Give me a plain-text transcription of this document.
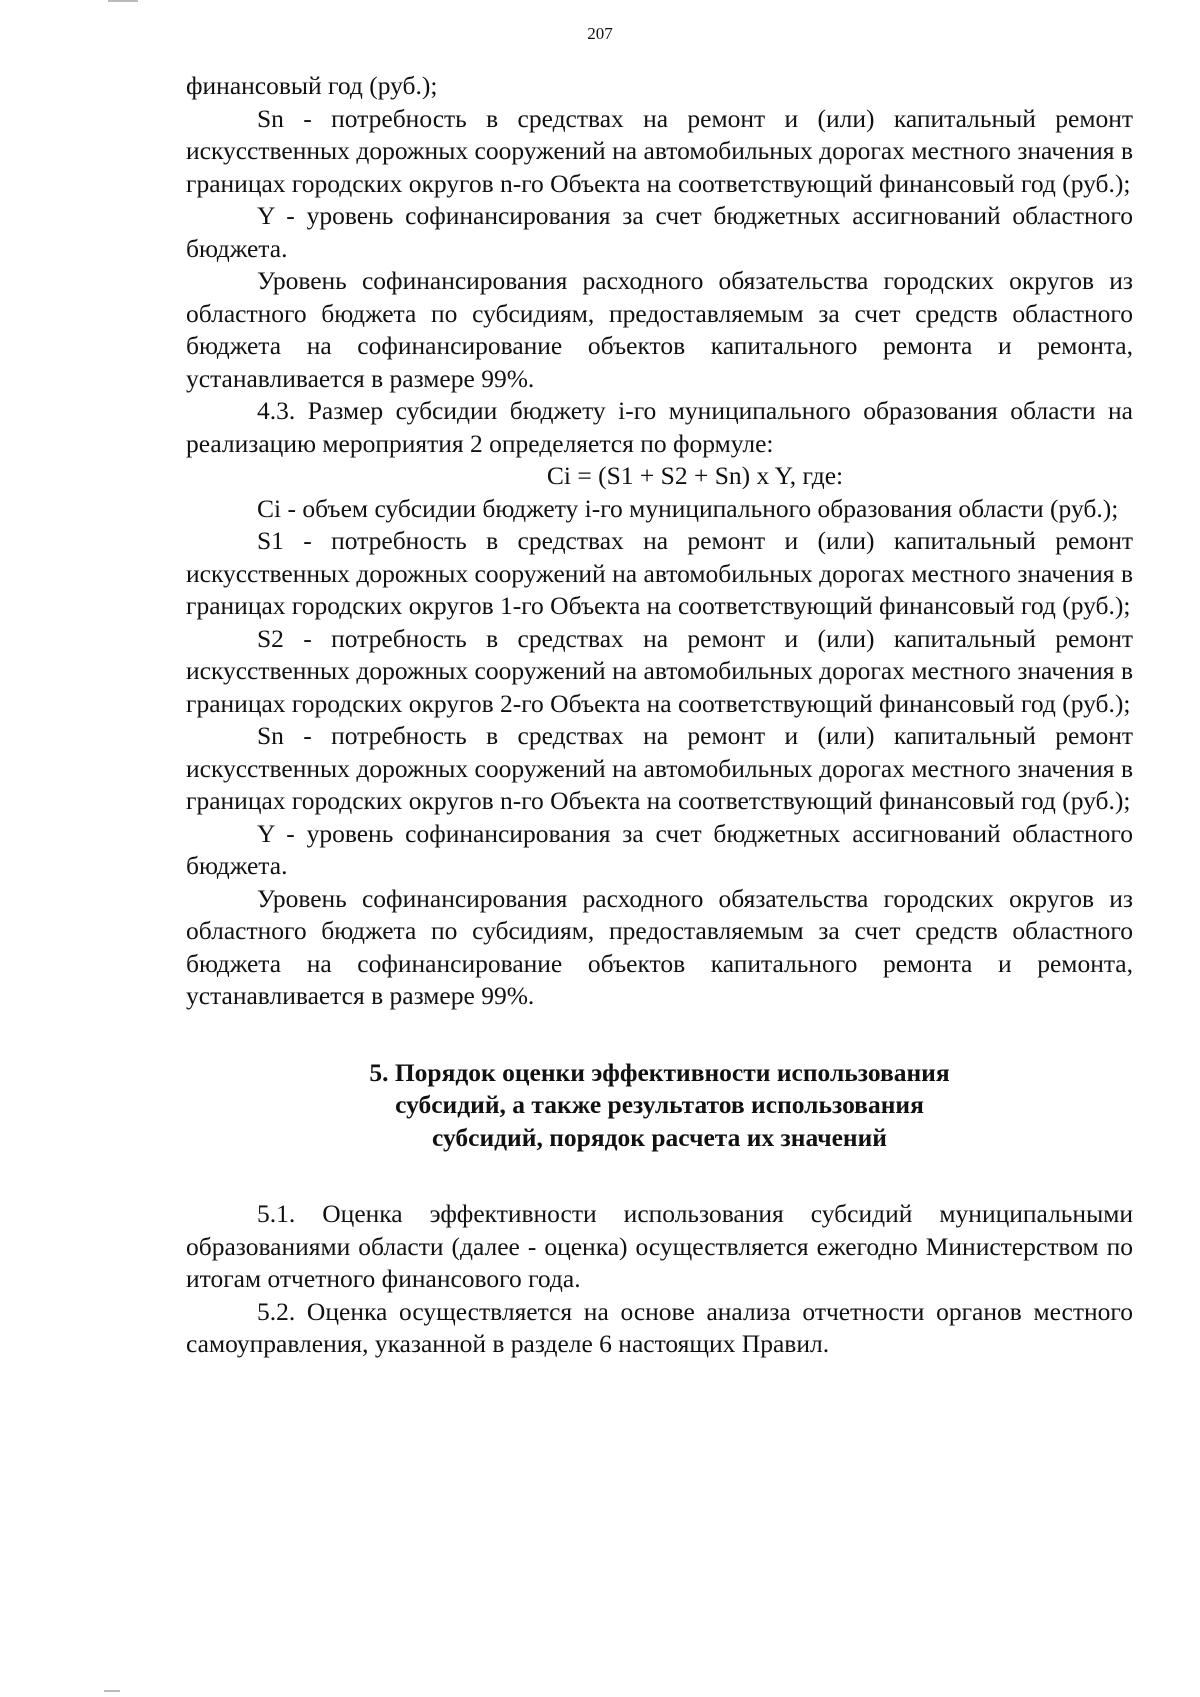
207

финансовый год (руб.);

Sn - потребность в средствах на ремонт и (или) капитальный ремонт искусственных дорожных сооружений на автомобильных дорогах местного значения в границах городских округов n-го Объекта на соответствующий финансовый год (руб.);

Y - уровень софинансирования за счет бюджетных ассигнований областного бюджета.

Уровень софинансирования расходного обязательства городских округов из областного бюджета по субсидиям, предоставляемым за счет средств областного бюджета на софинансирование объектов капитального ремонта и ремонта, устанавливается в размере 99%.

4.3. Размер субсидии бюджету i-го муниципального образования области на реализацию мероприятия 2 определяется по формуле:

Ci = (S1 + S2 + Sn) x Y, где:

Ci - объем субсидии бюджету i-го муниципального образования области (руб.);

S1 - потребность в средствах на ремонт и (или) капитальный ремонт искусственных дорожных сооружений на автомобильных дорогах местного значения в границах городских округов 1-го Объекта на соответствующий финансовый год (руб.);

S2 - потребность в средствах на ремонт и (или) капитальный ремонт искусственных дорожных сооружений на автомобильных дорогах местного значения в границах городских округов 2-го Объекта на соответствующий финансовый год (руб.);

Sn - потребность в средствах на ремонт и (или) капитальный ремонт искусственных дорожных сооружений на автомобильных дорогах местного значения в границах городских округов n-го Объекта на соответствующий финансовый год (руб.);

Y - уровень софинансирования за счет бюджетных ассигнований областного бюджета.

Уровень софинансирования расходного обязательства городских округов из областного бюджета по субсидиям, предоставляемым за счет средств областного бюджета на софинансирование объектов капитального ремонта и ремонта, устанавливается в размере 99%.

5. Порядок оценки эффективности использования
субсидий, а также результатов использования
субсидий, порядок расчета их значений

5.1. Оценка эффективности использования субсидий муниципальными образованиями области (далее - оценка) осуществляется ежегодно Министерством по итогам отчетного финансового года.

5.2. Оценка осуществляется на основе анализа отчетности органов местного самоуправления, указанной в разделе 6 настоящих Правил.
